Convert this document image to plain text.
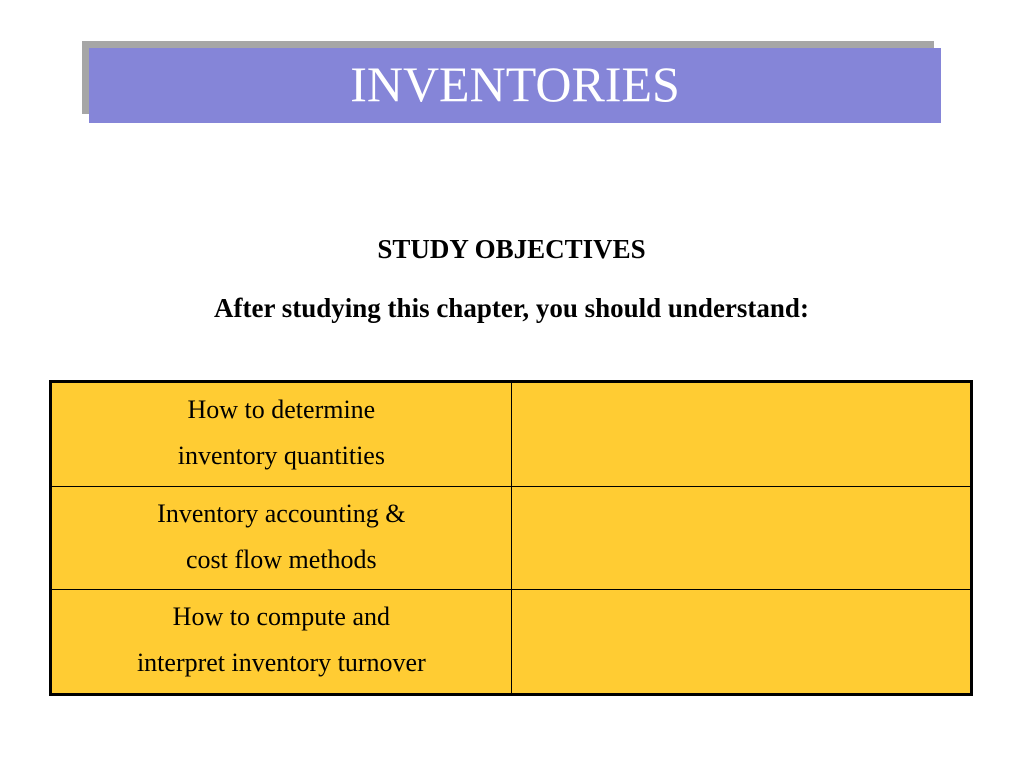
INVENTORIES
STUDY OBJECTIVES
After studying this chapter, you should understand:
How to determine
inventory quantities	

Inventory accounting &
cost flow methods	

How to compute and
interpret inventory turnover	
